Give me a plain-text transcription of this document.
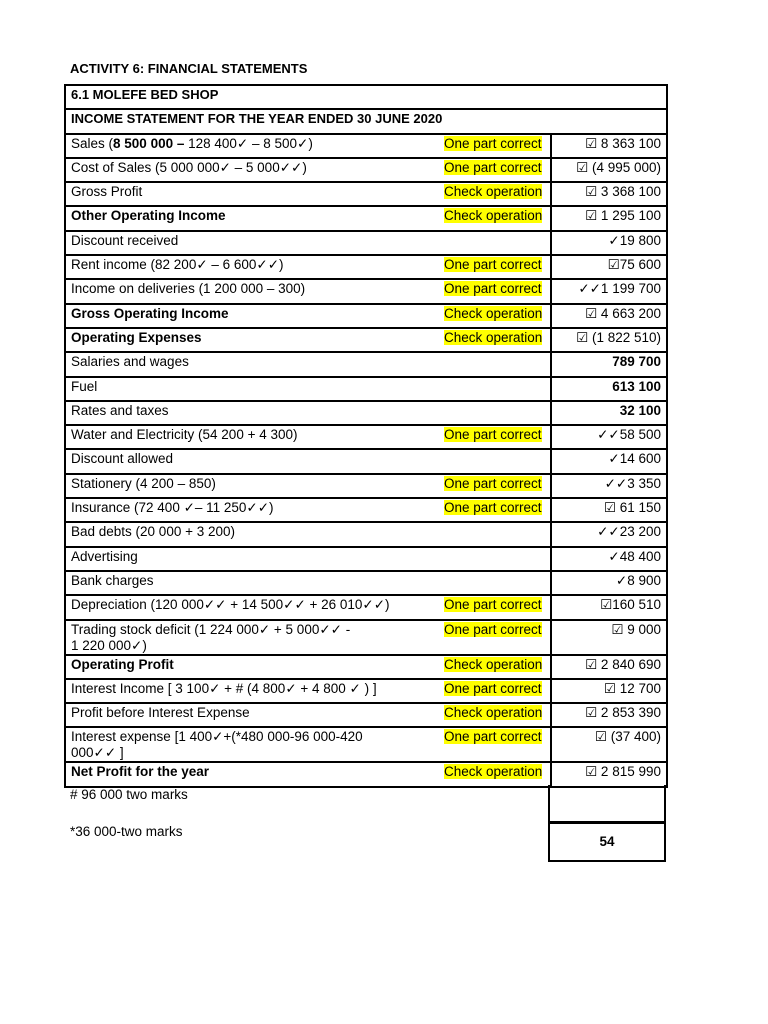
ACTIVITY 6: FINANCIAL STATEMENTS
6.1 MOLEFE BED SHOP		
INCOME STATEMENT FOR THE YEAR ENDED 30 JUNE 2020		
Sales (8 500 000 – 128 400✓ – 8 500✓)	One part correct	☑ 8 363 100
Cost of Sales (5 000 000✓ – 5 000✓✓)	One part correct	☑ (4 995 000)
Gross Profit	Check operation	☑ 3 368 100
Other Operating Income	Check operation	☑ 1 295 100
Discount received		✓19 800
Rent income (82 200✓ – 6 600✓✓)	One part correct	☑75 600
Income on deliveries (1 200 000 – 300)	One part correct	✓✓1 199 700
Gross Operating Income	Check operation	☑ 4 663 200
Operating Expenses	Check operation	☑ (1 822 510)
Salaries and wages		789 700
Fuel		613 100
Rates and taxes		32 100
Water and Electricity (54 200 + 4 300)	One part correct	✓✓58 500
Discount allowed		✓14 600
Stationery (4 200 – 850)	One part correct	✓✓3 350
Insurance (72 400 ✓– 11 250✓✓)	One part correct	☑ 61 150
Bad debts (20 000 + 3 200)		✓✓23 200
Advertising		✓48 400
Bank charges		✓8 900
Depreciation (120 000✓✓ + 14 500✓✓ + 26 010✓✓)	One part correct	☑160 510
Trading stock deficit (1 224 000✓ + 5 000✓✓ -
1 220 000✓)	One part correct	☑ 9 000
Operating Profit	Check operation	☑ 2 840 690
Interest Income [ 3 100✓ + # (4 800✓ + 4 800 ✓ ) ]	One part correct	☑ 12 700
Profit before Interest Expense	Check operation	☑ 2 853 390
Interest expense [1 400✓+(*480 000-96 000-420
000✓✓ ]	One part correct	☑ (37 400)
Net Profit for the year	Check operation	☑ 2 815 990
54
# 96 000 two marks
*36 000-two marks
